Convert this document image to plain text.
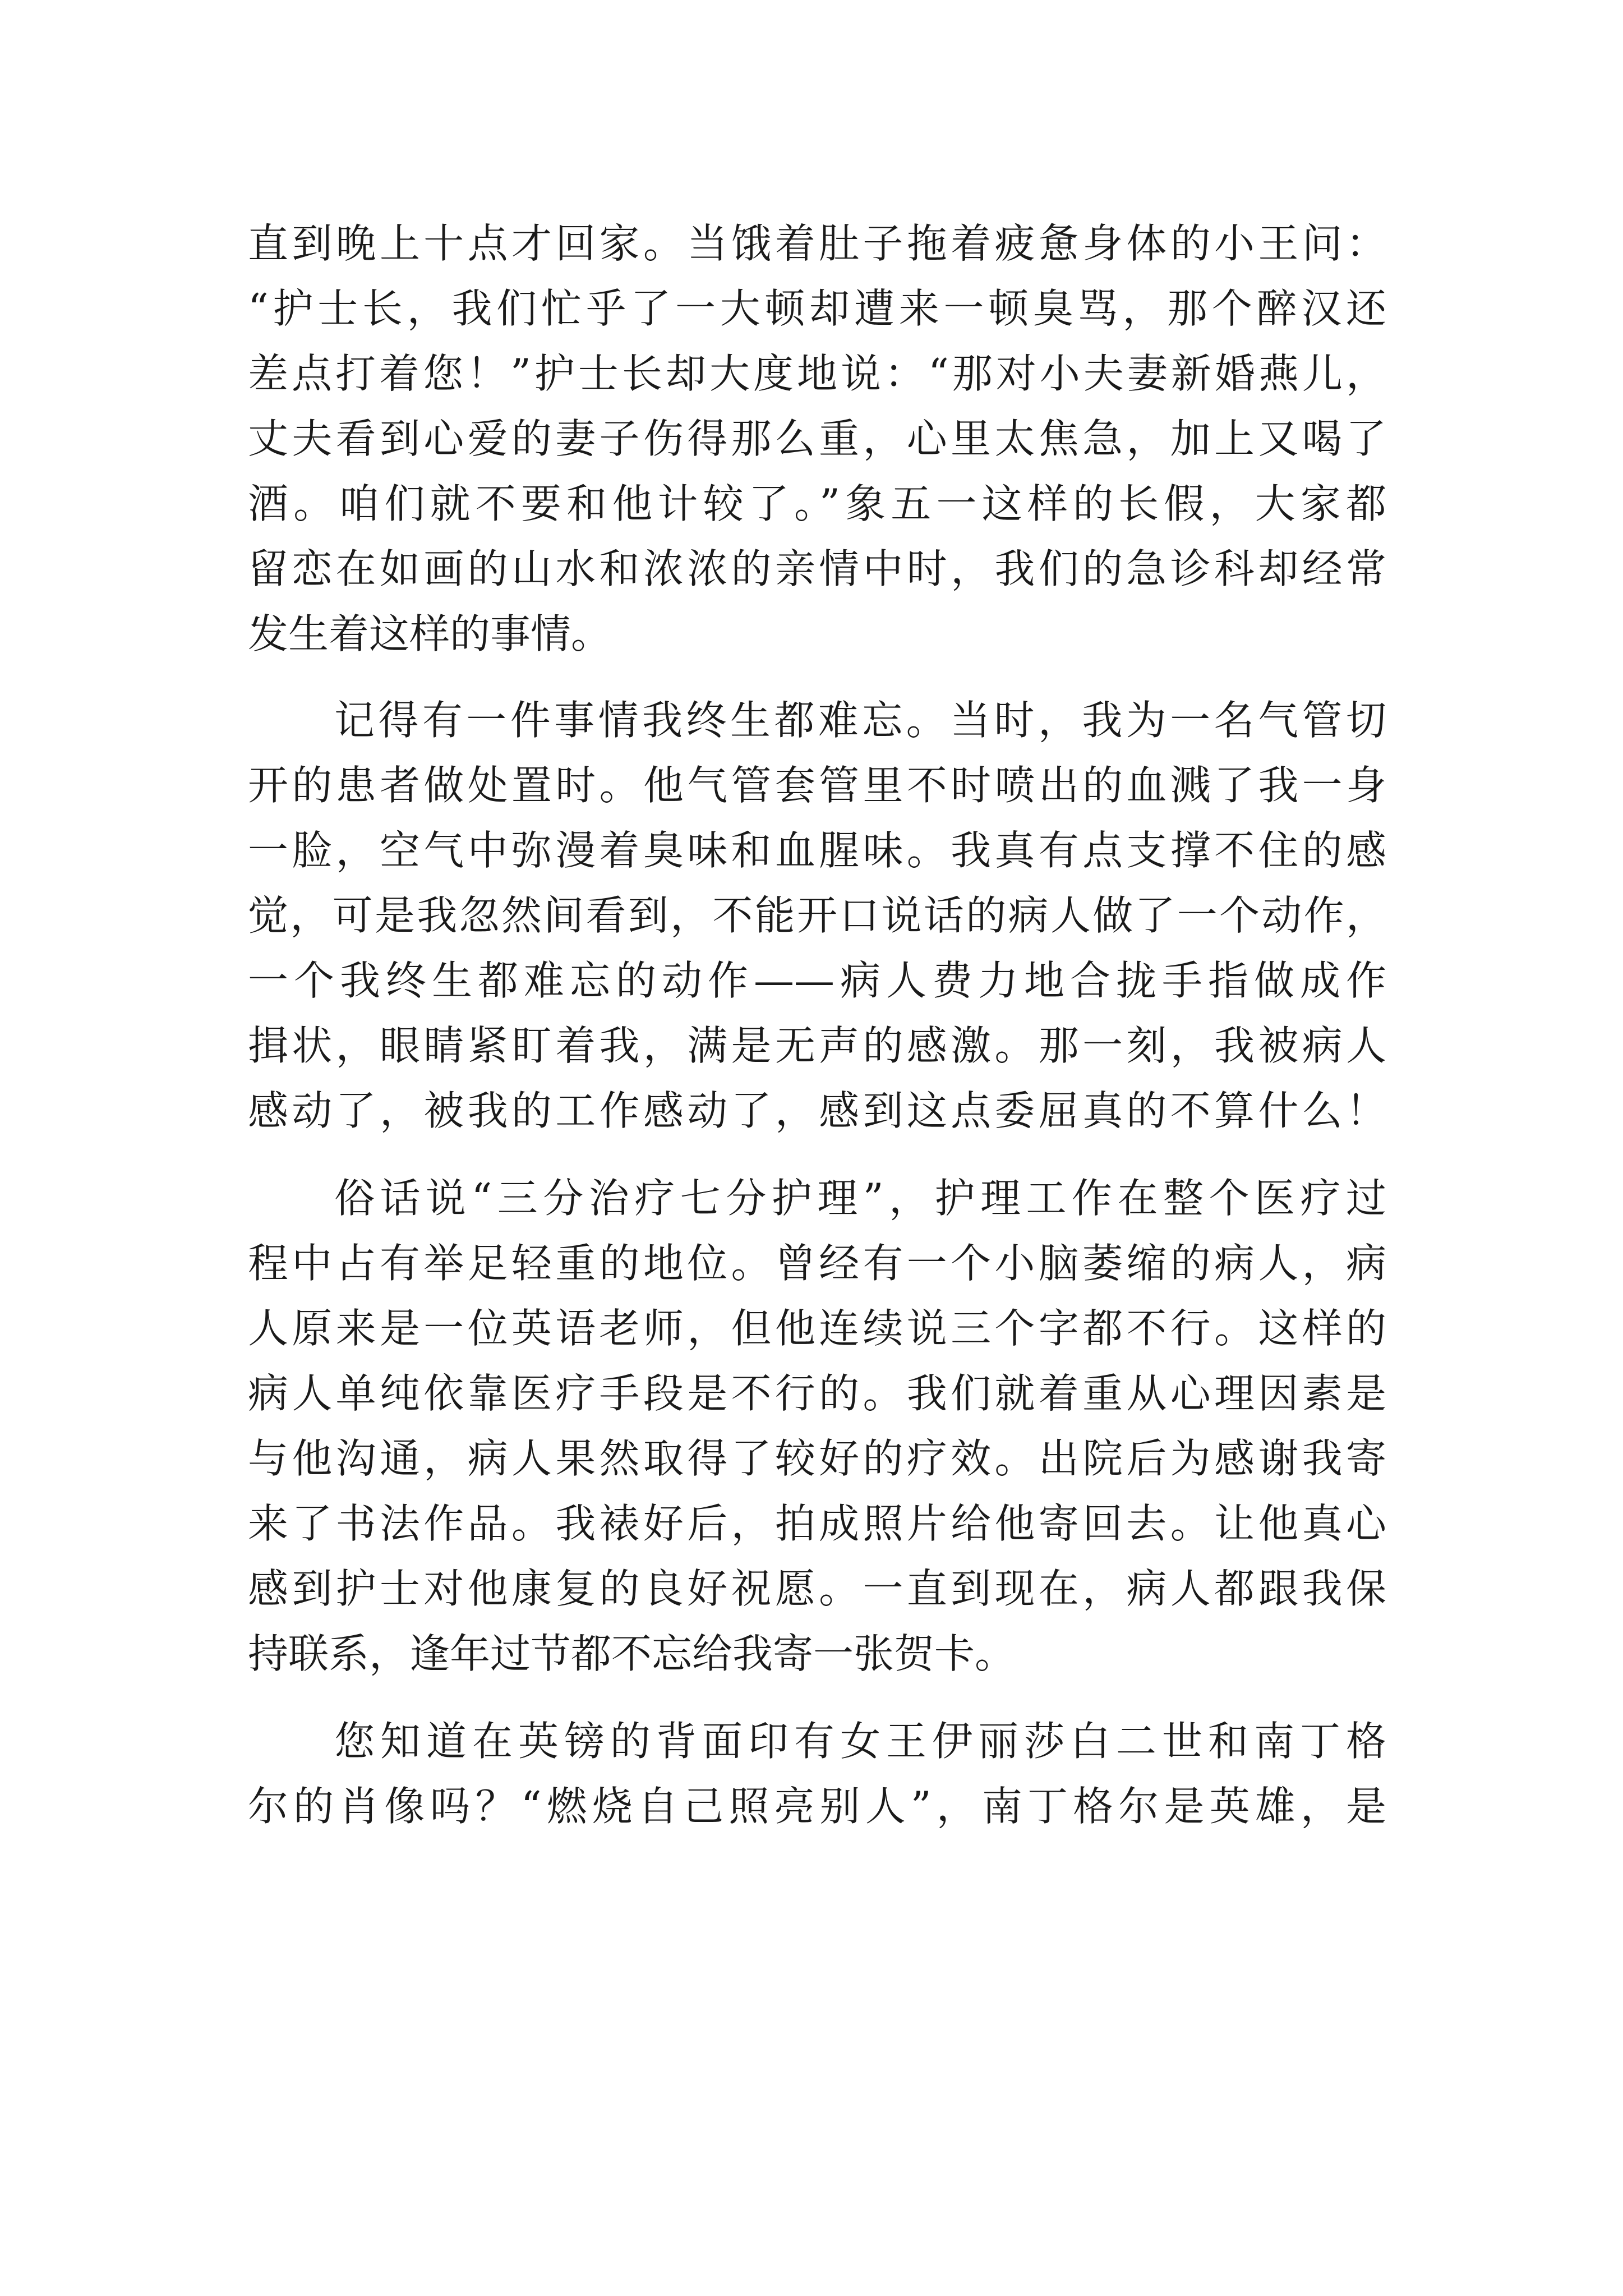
直到晚上十点才回家。当饿着肚子拖着疲惫身体的小王问：

“护士长，我们忙乎了一大顿却遭来一顿臭骂，那个醉汉还

差点打着您！”护士长却大度地说：“那对小夫妻新婚燕儿，

丈夫看到心爱的妻子伤得那么重，心里太焦急，加上又喝了

酒。咱们就不要和他计较了。”象五一这样的长假，大家都

留恋在如画的山水和浓浓的亲情中时，我们的急诊科却经常

发生着这样的事情。

记得有一件事情我终生都难忘。当时，我为一名气管切

开的患者做处置时。他气管套管里不时喷出的血溅了我一身

一脸，空气中弥漫着臭味和血腥味。我真有点支撑不住的感

觉，可是我忽然间看到，不能开口说话的病人做了一个动作，

一个我终生都难忘的动作——病人费力地合拢手指做成作

揖状，眼睛紧盯着我，满是无声的感激。那一刻，我被病人

感动了，被我的工作感动了，感到这点委屈真的不算什么！

俗话说“三分治疗七分护理”，护理工作在整个医疗过

程中占有举足轻重的地位。曾经有一个小脑萎缩的病人，病

人原来是一位英语老师，但他连续说三个字都不行。这样的

病人单纯依靠医疗手段是不行的。我们就着重从心理因素是

与他沟通，病人果然取得了较好的疗效。出院后为感谢我寄

来了书法作品。我裱好后，拍成照片给他寄回去。让他真心

感到护士对他康复的良好祝愿。一直到现在，病人都跟我保

持联系，逢年过节都不忘给我寄一张贺卡。

您知道在英镑的背面印有女王伊丽莎白二世和南丁格

尔的肖像吗？“燃烧自己照亮别人”，南丁格尔是英雄，是
